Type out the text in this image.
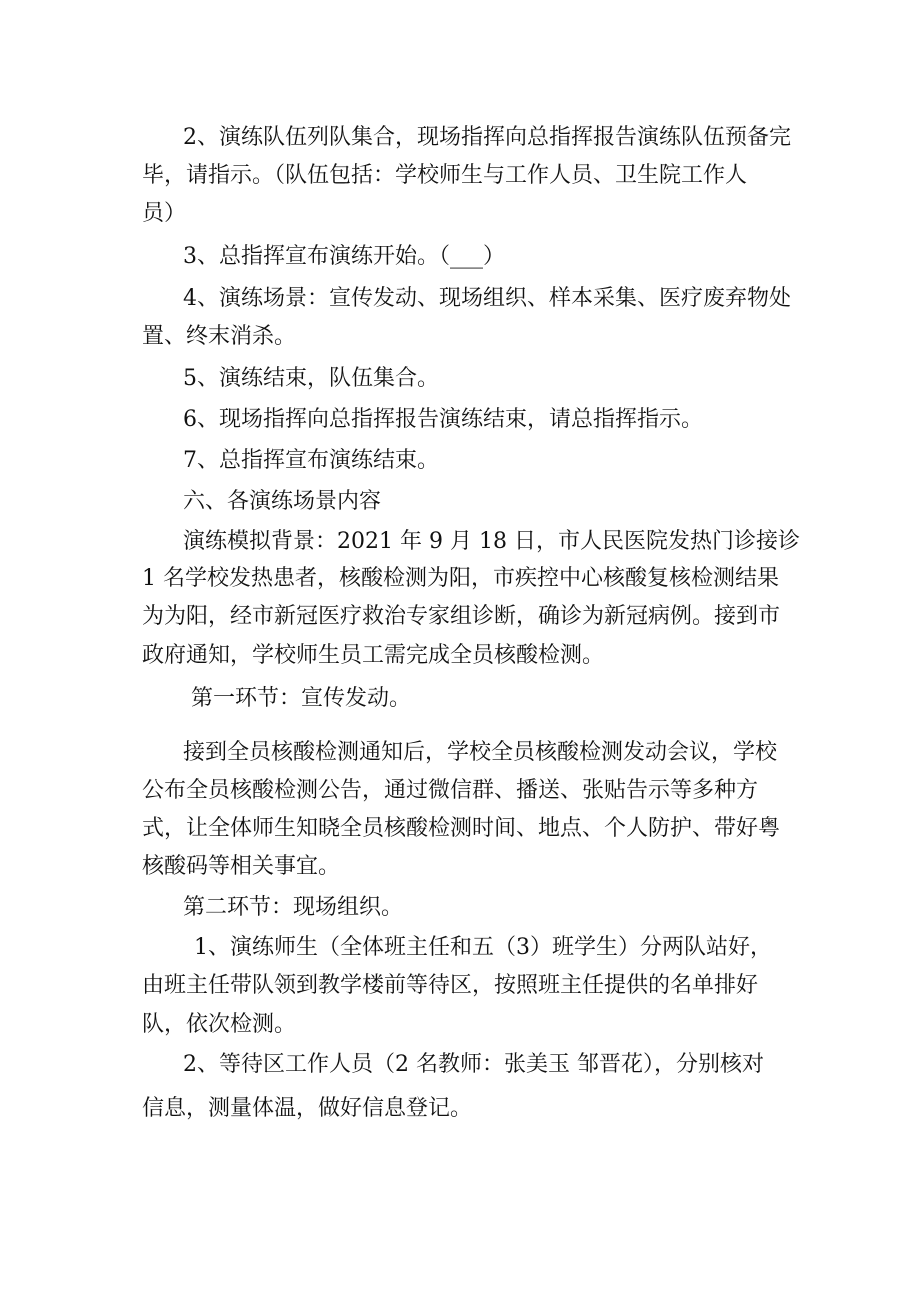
2、演练队伍列队集合，现场指挥向总指挥报告演练队伍预备完
毕，请指示。（队伍包括：学校师生与工作人员、卫生院工作人
员）
3、总指挥宣布演练开始。（___）
4、演练场景：宣传发动、现场组织、样本采集、医疗废弃物处
置、终末消杀。
5、演练结束，队伍集合。
6、现场指挥向总指挥报告演练结束，请总指挥指示。
7、总指挥宣布演练结束。
六、各演练场景内容
演练模拟背景：2021 年 9 月 18 日，市人民医院发热门诊接诊
1 名学校发热患者，核酸检测为阳，市疾控中心核酸复核检测结果
为为阳，经市新冠医疗救治专家组诊断，确诊为新冠病例。接到市
政府通知，学校师生员工需完成全员核酸检测。
第一环节：宣传发动。
接到全员核酸检测通知后，学校全员核酸检测发动会议，学校
公布全员核酸检测公告，通过微信群、播送、张贴告示等多种方
式，让全体师生知晓全员核酸检测时间、地点、个人防护、带好粤
核酸码等相关事宜。
第二环节：现场组织。
1、演练师生（全体班主任和五（3）班学生）分两队站好，
由班主任带队领到教学楼前等待区，按照班主任提供的名单排好
队，依次检测。
2、等待区工作人员（2 名教师：张美玉 邹晋花），分别核对
信息，测量体温，做好信息登记。
